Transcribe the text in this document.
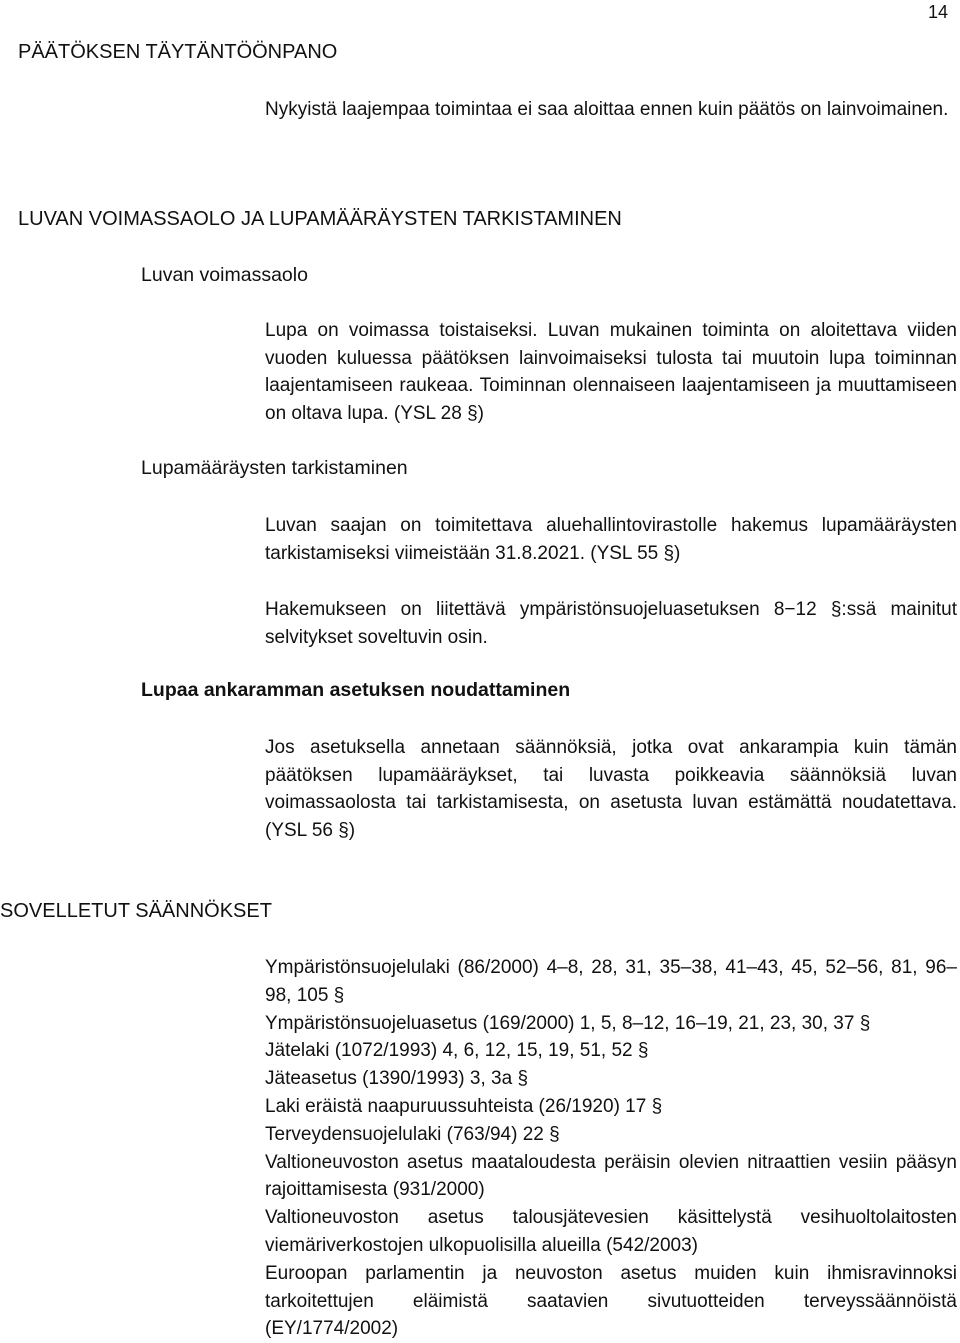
14
PÄÄTÖKSEN TÄYTÄNTÖÖNPANO
Nykyistä laajempaa toimintaa ei saa aloittaa ennen kuin päätös on lainvoimainen.
LUVAN VOIMASSAOLO JA LUPAMÄÄRÄYSTEN TARKISTAMINEN
Luvan voimassaolo
Lupa on voimassa toistaiseksi. Luvan mukainen toiminta on aloitettava viiden vuoden kuluessa päätöksen lainvoimaiseksi tulosta tai muutoin lupa toiminnan laajentamiseen raukeaa. Toiminnan olennaiseen laajentamiseen ja muuttamiseen on oltava lupa. (YSL 28 §)
Lupamääräysten tarkistaminen
Luvan saajan on toimitettava aluehallintovirastolle hakemus lupamääräysten tarkistamiseksi viimeistään 31.8.2021. (YSL 55 §)
Hakemukseen on liitettävä ympäristönsuojeluasetuksen 8−12 §:ssä mainitut selvitykset soveltuvin osin.
Lupaa ankaramman asetuksen noudattaminen
Jos asetuksella annetaan säännöksiä, jotka ovat ankarampia kuin tämän päätöksen lupamääräykset, tai luvasta poikkeavia säännöksiä luvan voimassaolosta tai tarkistamisesta, on asetusta luvan estämättä noudatettava. (YSL 56 §)
SOVELLETUT SÄÄNNÖKSET
Ympäristönsuojelulaki (86/2000) 4–8, 28, 31, 35–38, 41–43, 45, 52–56, 81, 96–98, 105 §
Ympäristönsuojeluasetus (169/2000) 1, 5, 8–12, 16–19, 21, 23, 30, 37 §
Jätelaki (1072/1993) 4, 6, 12, 15, 19, 51, 52 §
Jäteasetus (1390/1993) 3, 3a §
Laki eräistä naapuruussuhteista (26/1920) 17 §
Terveydensuojelulaki (763/94) 22 §
Valtioneuvoston asetus maataloudesta peräisin olevien nitraattien vesiin pääsyn rajoittamisesta (931/2000)
Valtioneuvoston asetus talousjätevesien käsittelystä vesihuoltolaitosten viemäriverkostojen ulkopuolisilla alueilla (542/2003)
Euroopan parlamentin ja neuvoston asetus muiden kuin ihmisravinnoksi tarkoitettujen eläimistä saatavien sivutuotteiden terveyssäännöistä (EY/1774/2002)
